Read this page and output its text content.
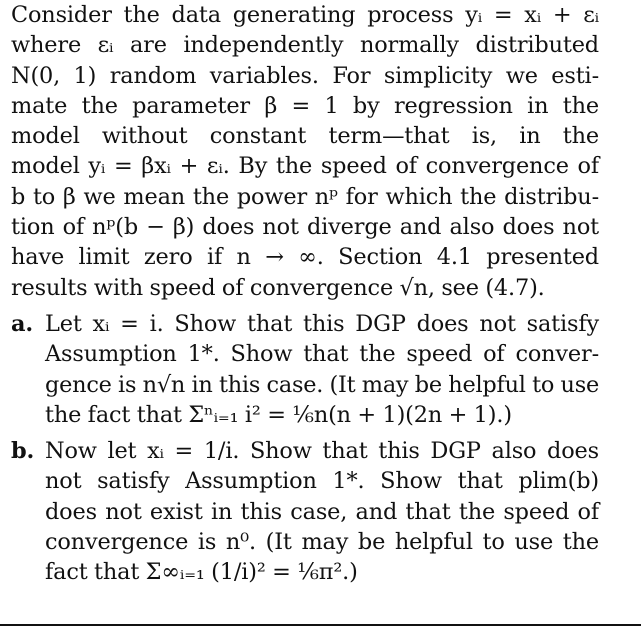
Consider the data generating process yᵢ = xᵢ + εᵢ
where εᵢ are independently normally distributed
N(0, 1) random variables. For simplicity we esti-
mate the parameter β = 1 by regression in the
model without constant term—that is, in the
model yᵢ = βxᵢ + εᵢ. By the speed of convergence of
b to β we mean the power nᵖ for which the distribu-
tion of nᵖ(b − β) does not diverge and also does not
have limit zero if n → ∞. Section 4.1 presented
results with speed of convergence √n, see (4.7).
a. Let xᵢ = i. Show that this DGP does not satisfy
Assumption 1*. Show that the speed of conver-
gence is n√n in this case. (It may be helpful to use
the fact that Σⁿᵢ₌₁ i² = ⅙n(n + 1)(2n + 1).)
b. Now let xᵢ = 1/i. Show that this DGP also does
not satisfy Assumption 1*. Show that plim(b)
does not exist in this case, and that the speed of
convergence is n⁰. (It may be helpful to use the
fact that Σ∞ᵢ₌₁ (1/i)² = ⅙π².)
